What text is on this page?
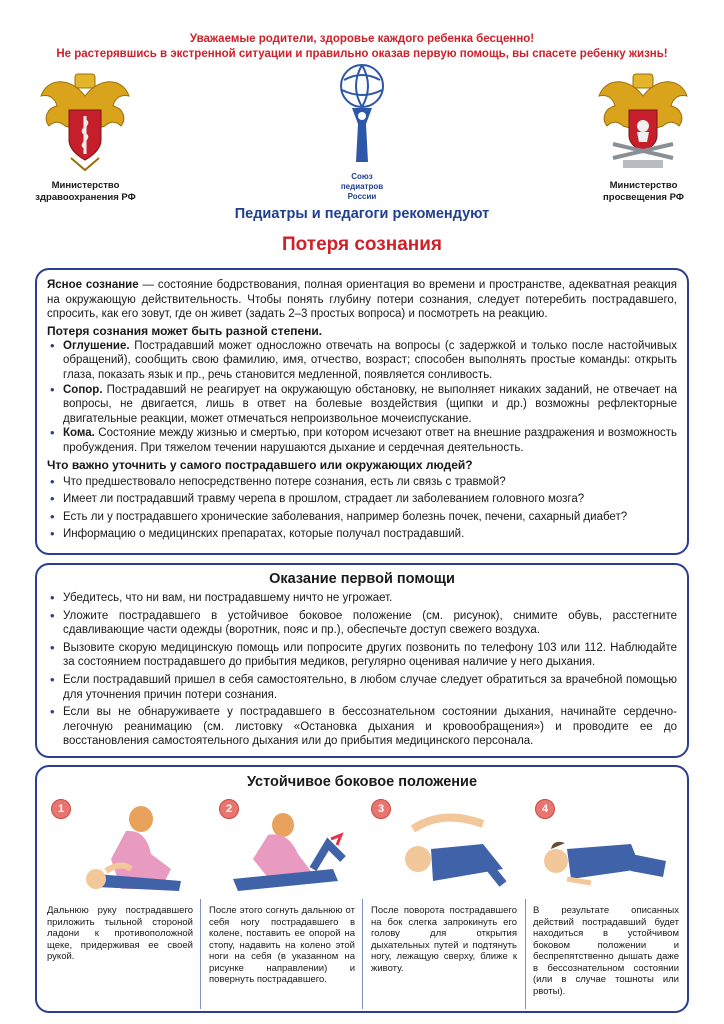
Уважаемые родители, здоровье каждого ребенка бесценно!
Не растерявшись в экстренной ситуации и правильно оказав первую помощь, вы спасете ребенку жизнь!
Министерство
здравоохранения РФ
Союз
педиатров
России
Министерство
просвещения РФ
Педиатры и педагоги рекомендуют
Потеря сознания
Ясное сознание — состояние бодрствования, полная ориентация во времени и пространстве, адекватная реакция на окружающую действительность. Чтобы понять глубину потери сознания, следует потеребить пострадавшего, спросить, как его зовут, где он живет (задать 2–3 простых вопроса) и посмотреть на реакцию.
Потеря сознания может быть разной степени.
• Оглушение. Пострадавший может односложно отвечать на вопросы (с задержкой и только после настойчивых обращений), сообщить свою фамилию, имя, отчество, возраст; способен выполнять простые команды: открыть глаза, показать язык и пр., речь становится медленной, появляется сонливость.
• Сопор. Пострадавший не реагирует на окружающую обстановку, не выполняет никаких заданий, не отвечает на вопросы, не двигается, лишь в ответ на болевые воздействия (щипки и др.) возможны рефлекторные двигательные реакции, может отмечаться непроизвольное мочеиспускание.
• Кома. Состояние между жизнью и смертью, при котором исчезают ответ на внешние раздражения и возможность пробуждения. При тяжелом течении нарушаются дыхание и сердечная деятельность.
Что важно уточнить у самого пострадавшего или окружающих людей?
• Что предшествовало непосредственно потере сознания, есть ли связь с травмой?
• Имеет ли пострадавший травму черепа в прошлом, страдает ли заболеванием головного мозга?
• Есть ли у пострадавшего хронические заболевания, например болезнь почек, печени, сахарный диабет?
• Информацию о медицинских препаратах, которые получал пострадавший.
Оказание первой помощи
• Убедитесь, что ни вам, ни пострадавшему ничто не угрожает.
• Уложите пострадавшего в устойчивое боковое положение (см. рисунок), снимите обувь, расстегните сдавливающие части одежды (воротник, пояс и пр.), обеспечьте доступ свежего воздуха.
• Вызовите скорую медицинскую помощь или попросите других позвонить по телефону 103 или 112. Наблюдайте за состоянием пострадавшего до прибытия медиков, регулярно оценивая наличие у него дыхания.
• Если пострадавший пришел в себя самостоятельно, в любом случае следует обратиться за врачебной помощью для уточнения причин потери сознания.
• Если вы не обнаруживаете у пострадавшего в бессознательном состоянии дыхания, начинайте сердечно-легочную реанимацию (см. листовку «Остановка дыхания и кровообращения») и проводите ее до восстановления самостоятельного дыхания или до прибытия медицинского персонала.
Устойчивое боковое положение
1
Дальнюю руку пострадавшего приложить тыльной стороной ладони к противоположной щеке, придерживая ее своей рукой.
2
После этого согнуть дальнюю от себя ногу пострадавшего в колене, поставить ее опорой на стопу, надавить на колено этой ноги на себя (в указанном на рисунке направлении) и повернуть пострадавшего.
3
После поворота пострадавшего на бок слегка запрокинуть его голову для открытия дыхательных путей и подтянуть ногу, лежащую сверху, ближе к животу.
4
В результате описанных действий пострадавший будет находиться в устойчивом боковом положении и беспрепятственно дышать даже в бессознательном состоянии (или в случае тошноты или рвоты).
